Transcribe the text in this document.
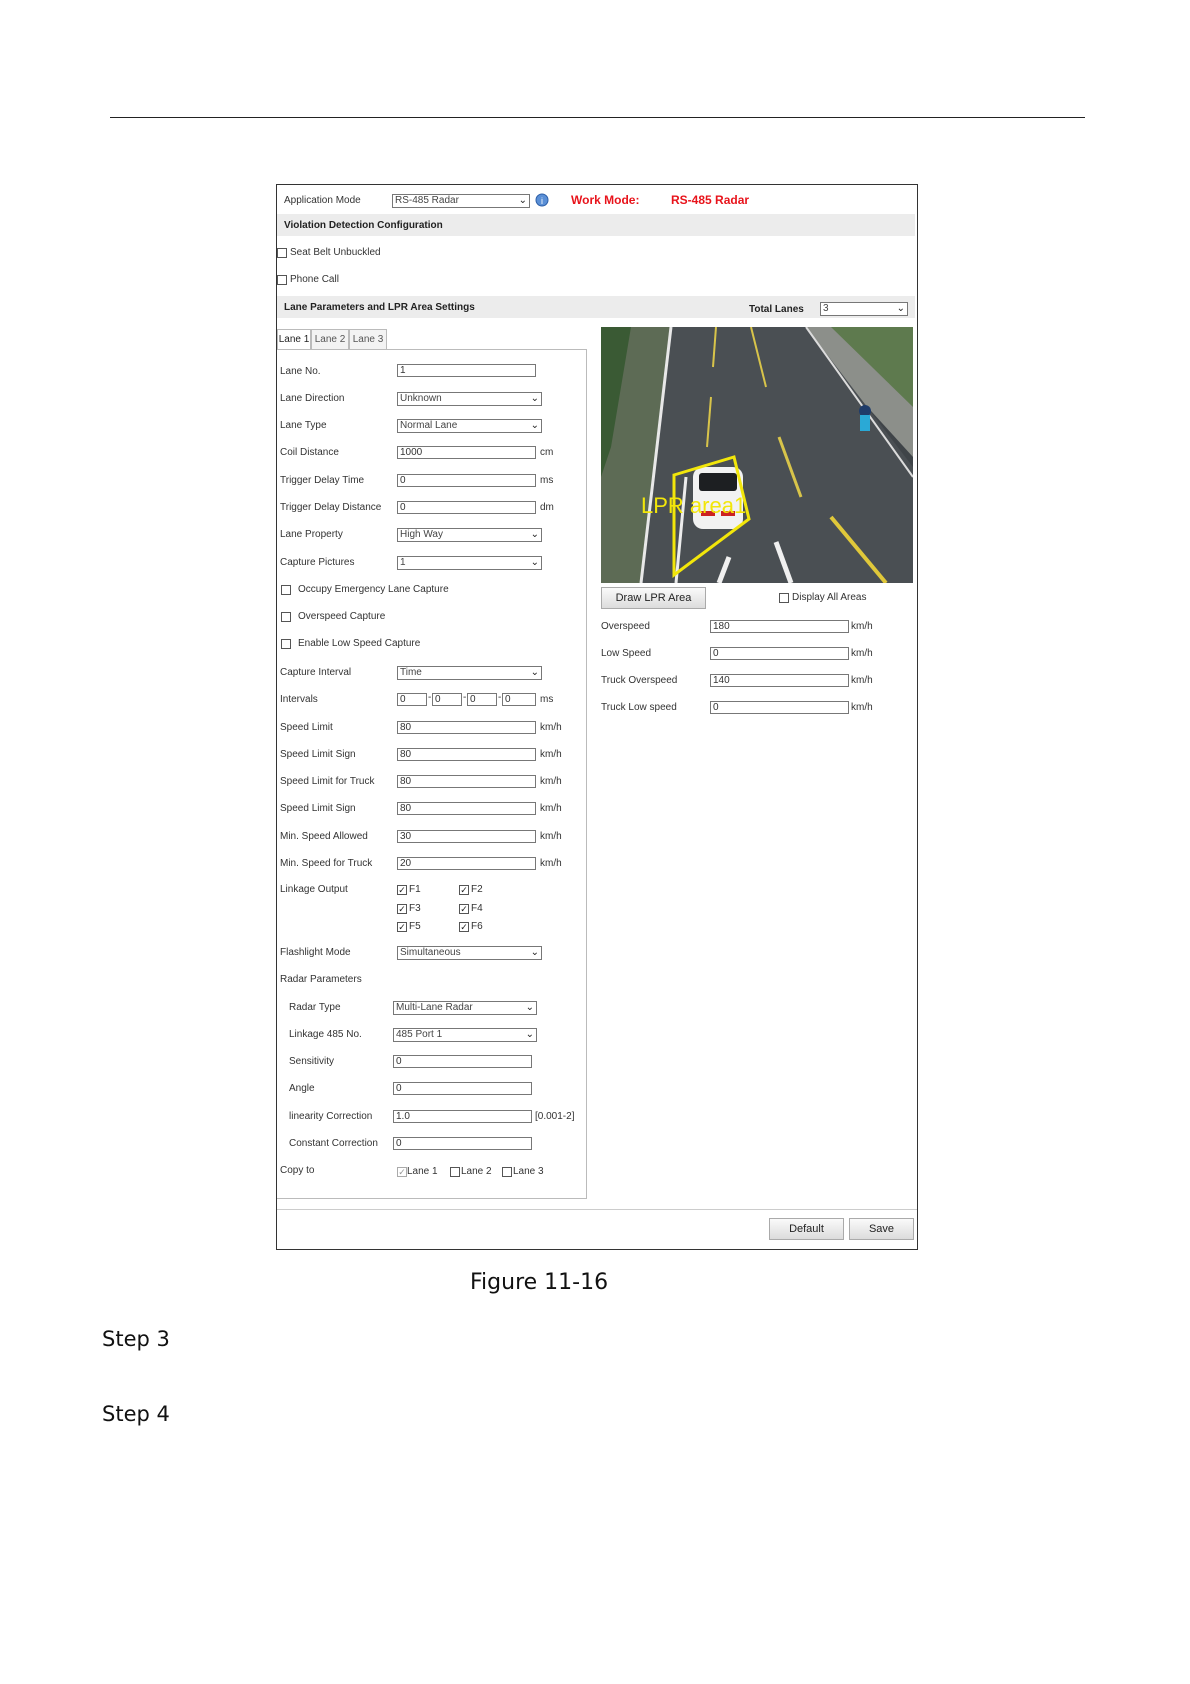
Application Mode	RS-485 Radar	⌄ i Work Mode:	RS-485 Radar
Violation Detection Configuration
Seat Belt Unbuckled
Phone Call
Lane Parameters and LPR Area Settings	Total Lanes	3	⌄
Lane 1 Lane 2 Lane 3
Lane No.	1
Lane Direction	Unknown	⌄
Lane Type	Normal Lane	⌄
Coil Distance	1000	cm
Trigger Delay Time	0	ms
Trigger Delay Distance	0	dm
Lane Property	High Way	⌄
Capture Pictures	1	⌄
Occupy Emergency Lane Capture
Overspeed Capture
Enable Low Speed Capture
Capture Interval	Time	⌄
Intervals	0	- 0	- 0	- 0	ms
Speed Limit	80	km/h
Speed Limit Sign	80	km/h
Speed Limit for Truck	80	km/h
Speed Limit Sign	80	km/h
Min. Speed Allowed	30	km/h
Min. Speed for Truck	20	km/h
Linkage Output	✓ F1	✓ F2
✓ F3	✓ F4
✓ F5	✓ F6
Flashlight Mode	Simultaneous	⌄
Radar Parameters
Radar Type	Multi-Lane Radar	⌄
Linkage 485 No.	485 Port 1	⌄
Sensitivity	0
Angle	0
linearity Correction	1.0	[0.001-2]
Constant Correction	0
Copy to	✓ Lane 1 Lane 2 Lane 3
LPR area1
Draw LPR Area	Display All Areas
Overspeed	180	km/h
Low Speed	0	km/h
Truck Overspeed	140	km/h
Truck Low speed	0	km/h
Default	Save
Figure 11-16
Step 3
Step 4
